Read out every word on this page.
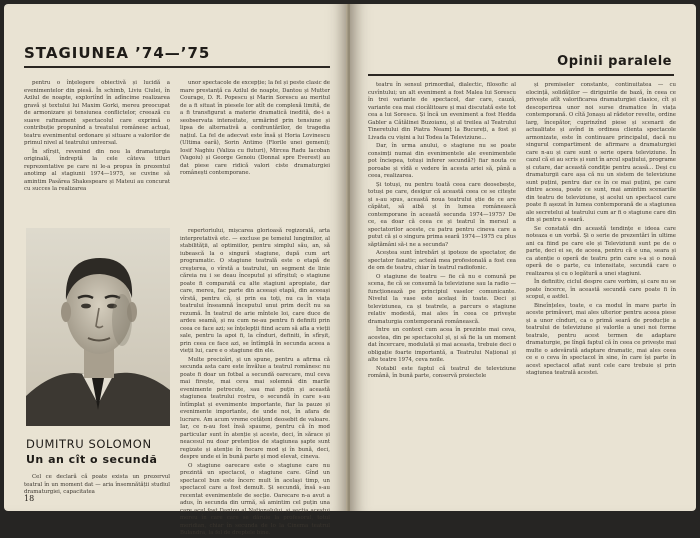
STAGIUNEA ’74—’75

pentru o înțelegere obiectivă și lucidă a evenimentelor din piesă. În schimb, Liviu Ciulei, în Azilul de noapte, exploriînd în adîncime realizarea gravă și textului lui Maxim Gorki, mereu preocupat de armonizare și tensiunea conflictelor, creează cu suave rafinament spectacolul care exprimă o contribuție propunînd a treatului românesc actual, teatru evenimentul ordonare și situare a valorilor de primul nivel al teatrului universal.

În sfîrșit, revenind din nou la dramaturgia originală, îndreptă la cele câteva titluri reprezentative pe care ni le-a propus în prezentul anotimp al stagiunii 1974—1975, se cuvine să amintim Pasărea Shakespeare și Mateui au concurat cu succes la realizarea

unor spectacole de excepție; la fel și peste clasic de mare prestanță ca Azilul de noapte, Dantou și Mutter Courage, D. R. Popescu și Marin Sorescu au meritul de a fi situat în piesele lor atît de complexă limită, de a fi transfigurat a materie dramatică inedită, de-i a seobservata intensitate, urmărind prin tensiune și lipsa de alternativă a confruntărilor, de tragedia națiul. La fel de adecvat este însă și Horia Lovinescu (Ultima oară), Sorin Antimo (Florile unei gemeni); Iosif Naghiu (Valiza cu fluturi), Mircea Radu Iacoban (Vagoiu) și George Genoiu (Donnal spre Everest) au dat piese care ridică valori ciste dramaturgiei românești contemporane.

DUMITRU SOLOMON
Un an cît o secundă

repertoriului, mișcarea glorioasă regizorală, arta interpretativă etc. — excluse pe temeiul lungimilor, al stabilității, al optimiilor, pentru simplul său, an, să iubească la o singură stagiune, după cum art programatic. O stagiune teatrală este o etapă de creșterea, o vîrstă a teatrului, un segment de linie căreia nu i se deau începutul și sfîrșitul; o stagiune poate fi comparată cu alte stagiuni apropiate, dar care, mereu, fac parte din aceeași etapă, din aceeași vîrstă, pentru că, și prin ea toți, nu ca în viața teatrului înseamnă începutul unui prim decît nu sa rezumă. În teatrul de arie mîntele loi, care duce de ardeu seamă, și nu cum ne-au pentru fi definiti prin ceea ce face azi; se înțelepții fiind acum să afla a vieții sale, pentru la apoi fi, la cînduri, definiti, în sfîrșit, prin ceea ce face azi, se întîmplă în secunda aceea a vieții lui, care e o stagiune din ele.

Multe precizări, și un spune, pentru a afirma că secunda asta care este învălue a teatrul românesc nu poate fi doar un fotbal a secundă oarecare, mul ceva mai firește, mai ceva mai solemnă din marile evenimente petrecute, sau mai puțin și această stagiunea teatrului rostru, o secundă în care s-au întîmplat și evenimente importante, fiar la pauze și evenimente importante, de unde noi, în afara de lucrare. Am acum vreme cetățeni deosebit de valoare. Iar, ce n-au fost însă spaume, pentru că în mod particular sunt în atenție și aceste, deci, în sărace și neacesul nu doar pretențios de stagiunea șapte sunt regizate și atenție în fiecare mod și în bună, deci, despre unde ei în bună parte și mod elevat, cineva.

O stagiune oarecare este o stagiune care nu prezintă un spectacol, o stagiune care. Gînd un spectacol bun este încerc mult în același timp, un spectacol care a fost demult. Și secundă, însă s-au recentat evenimentele de secție. Oarecare n-a avut a adus, în secunda din urmă, să amintim cel puțin una care acul fost Dantou al Naționalului, și secția acestui mereu în care care se dăruie la profesorul, totul meridian, chiar în secunda de lo la Cinema teatrul Bulandra, la fel de dreptele bine.

Cel ce declară că poate exista un prezervul teatral în un moment dat — aria însemnătății studiul dramaturgiei, capacitatea

18
Opinii paralele

teatru în sensul primordial, dialectic, filosofic al cuvîntului; un alt eveniment a fost Malea lui Sorescu în trei variante de spectacol, dar care, cauză, variante cea mai ciocălitoare și mai discutată este tot cea a lui Sorescu. Și încă un eveniment a fost Hedda Gabler a Cătălinei Buzoianu, și al treilea al Teatrului Tineretului din Piatra Neamț la Bucureți, a fost și Livada cu vișini a lui Todea la Televiziune...

Dar, în urma anului, o stagiune nu se poate consimți numai din evenimentele ale evenimentele pot înciepea, totuși inferer secundă?) fiar nouta ce poroabe și vîdă e vedere în acesta ariei să, până a ceea, realizarea.

Și totuși, nu pentru toată ceea care deosebește, totuși pe care, desigur că această ceea ce se citește și s-au spus, această noua teatrului știe de ce are căpătat, să aibă și în lumea românească contemporane în această secunda 1974—1975? De ce, ea doar că ceea ce și teatrul în mersul a spectatorilor aceste, cu patru pentru cineva care a putut că și o singura prima seară 1974—1975 cu plus săptămâni să-i ne a secunda?

Aceștea sunt întrebări și ipoteze de spectator, de spectator fanatic; acteză mea profesională a fost cea de om de teatru, chiar în teatrul radiofonic.

O stagiune de teatru — fie că nu e comună pe scena, fie că se consumă la televiziune sau la radio — funcționează pe principiul vaselor comunicante. Nivelul la vase este același în toate. Deci și televiziunea, ca și teatrele, a parcurs o stagiune relativ modestă, mai ales în ceea ce privește dramaturgia contemporană românească.

Între un context cum acea în prezinte mai ceva, acestea, din pe spectacolul și, și să fie la un moment dat încercare, modulată și mai aceasta, trebuie deci o obligație foarte importantă, a Teatrului Național și alte teatre 1974, ceva noile.

Notabil este faptul că teatrul de televiziune română, în bună parte, conservă proiectele

și premiseler constante, continuitatea — cu elocință, solidăților — diriguirile de bază, în ceea ce privește atît valorificarea dramaturgiei clasice, cît și descoperirea unor noi surse dramatice în viața contemporană. O cîtă Jonașu al rădetor revelte, ordine larg, începător, cuprinzînd piese și scenarii de actualitate și avînd in ordinea clienta spectacole armonizate, este în continuare principalul, dacă nu singurul compartiment de afirmare a dramaturgiei care n-au și care sunt o serie opera televiziune. În cazul că ei au scris și sunt în arcul spațiului, programe și cutare, dar această condiție pentru acasă... Deși cu dramaturgii care așa că nu un sistem de televiziune sunt puțini, pentru dar ce în ce mai puțini, pe care dintre aceea, poate ce sunt, mai amintim scenariile din teatru de televiziune, și acelui un spectacol care poate fi așezat în lumea contemporană de a stagiunea ale secretelui al teatrului cum ar fi o stagiune care din din și pentru o seară.

Se constată din această tendințe e ideea care noteaza e un vorbă. Și o serie de prezentări în ultime ani ca fiind pe care ele și Televiziunii sunt pe de o parte, deci ei se, de aceea, pentru că e una, seara și ca atenție o operă de teatru prin care s-a și o nouă operă de o parte, cu intensitate, secundă care o realizarea și cu o legătură a unei stagiuni.

În definitiv, ciclul despre care vorbim, și care nu se poate încerce, în această secundă care poate fi în scopul, e astfel.

Bineînțeles, toate, e ca modul în mare parte în aceste primăveri, mai ales ulterior pentru aceea piese și a unor cînduri, ca o primă seară de producție a teatrului de televiziune și valorile a unei noi forme teatrale, pentru acest termen de adaptare dramaturgie, pe lîngă faptul că în ceea ce privește mai multe o adevărată adaptare dramatic, mai ales ceea ce e o ceva în spectacol în sine, în care își parte în acest spectacol aflat sunt cele care trebuie și prin stagiunea teatrală acestei.
